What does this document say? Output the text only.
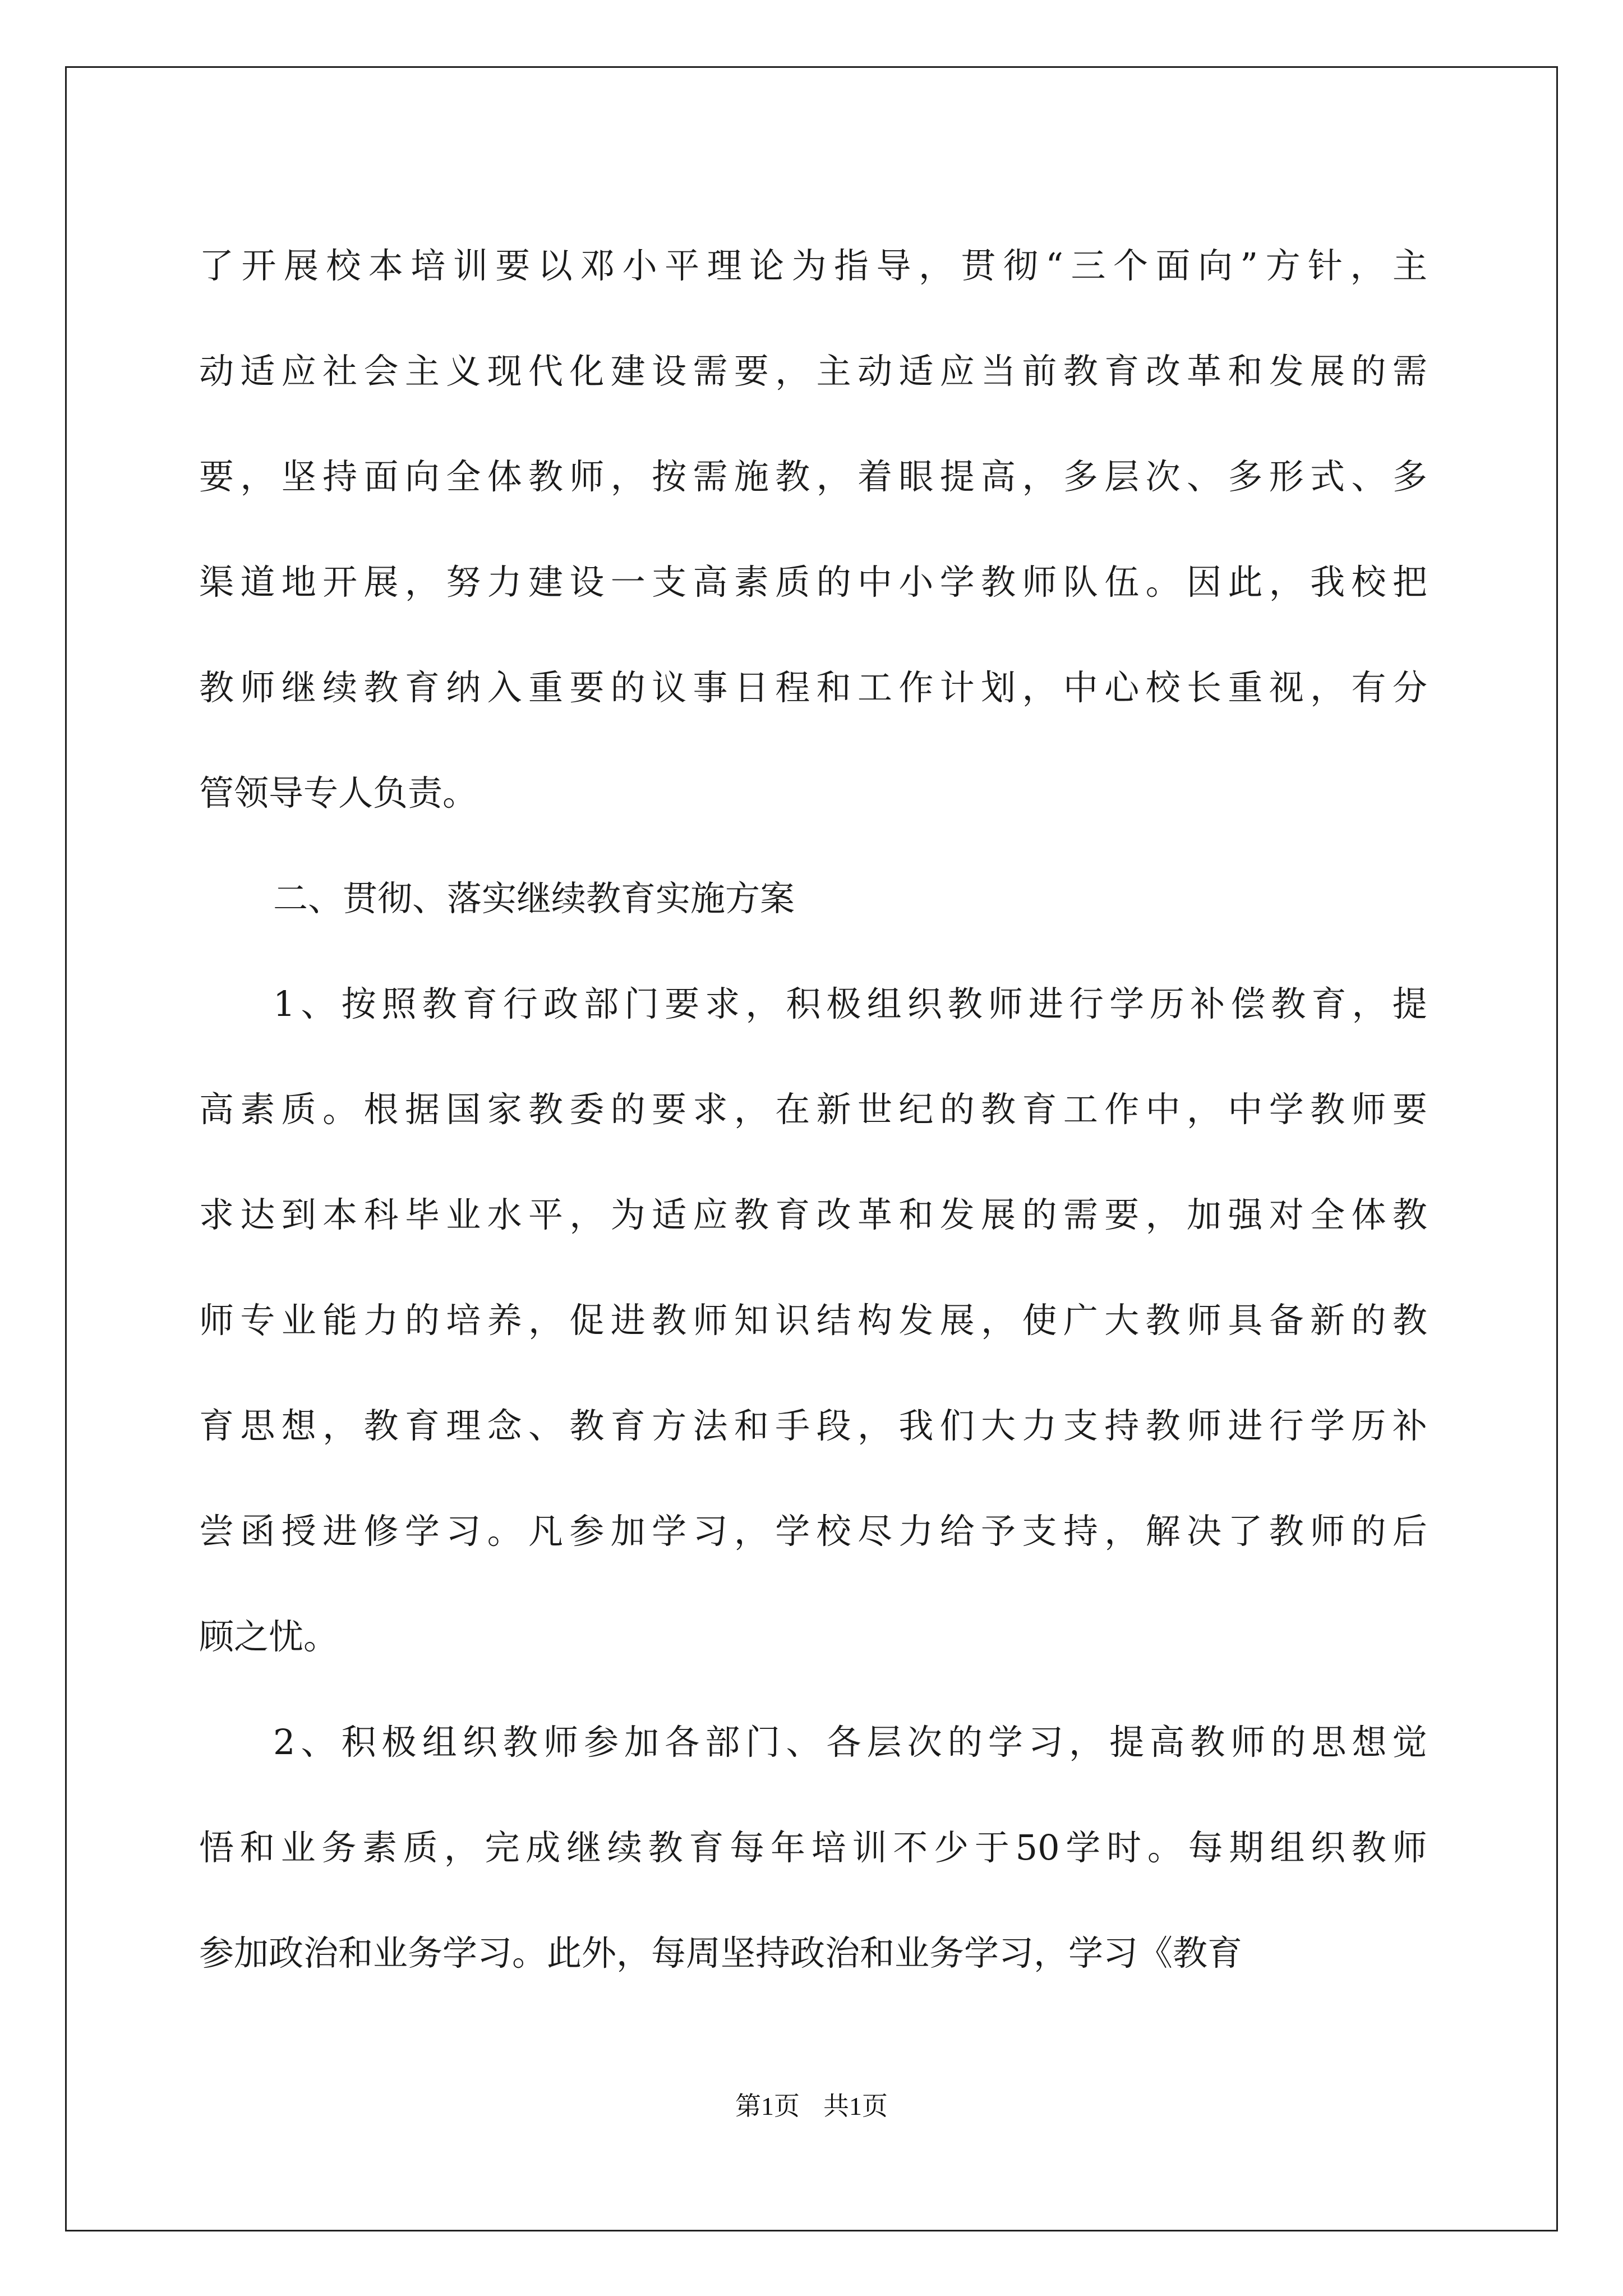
了 开 展 校 本 培 训 要 以 邓 小 平 理 论 为 指 导 ， 贯 彻 “ 三 个 面 向 ” 方 针 ， 主
动 适 应 社 会 主 义 现 代 化 建 设 需 要 ， 主 动 适 应 当 前 教 育 改 革 和 发 展 的 需
要 ， 坚 持 面 向 全 体 教 师 ， 按 需 施 教 ， 着 眼 提 高 ， 多 层 次 、 多 形 式 、 多
渠 道 地 开 展 ， 努 力 建 设 一 支 高 素 质 的 中 小 学 教 师 队 伍 。 因 此 ， 我 校 把
教 师 继 续 教 育 纳 入 重 要 的 议 事 日 程 和 工 作 计 划 ， 中 心 校 长 重 视 ， 有 分
管领导专人负责。
二、贯彻、落实继续教育实施方案
1 、 按 照 教 育 行 政 部 门 要 求 ， 积 极 组 织 教 师 进 行 学 历 补 偿 教 育 ， 提
高 素 质 。 根 据 国 家 教 委 的 要 求 ， 在 新 世 纪 的 教 育 工 作 中 ， 中 学 教 师 要
求 达 到 本 科 毕 业 水 平 ， 为 适 应 教 育 改 革 和 发 展 的 需 要 ， 加 强 对 全 体 教
师 专 业 能 力 的 培 养 ， 促 进 教 师 知 识 结 构 发 展 ， 使 广 大 教 师 具 备 新 的 教
育 思 想 ， 教 育 理 念 、 教 育 方 法 和 手 段 ， 我 们 大 力 支 持 教 师 进 行 学 历 补
尝 函 授 进 修 学 习 。 凡 参 加 学 习 ， 学 校 尽 力 给 予 支 持 ， 解 决 了 教 师 的 后
顾之忧。
2 、 积 极 组 织 教 师 参 加 各 部 门 、 各 层 次 的 学 习 ， 提 高 教 师 的 思 想 觉
悟 和 业 务 素 质 ， 完 成 继 续 教 育 每 年 培 训 不 少 于 50 学 时 。 每 期 组 织 教 师
参加政治和业务学习。此外，每周坚持政治和业务学习，学习《教育
第1页 共1页
